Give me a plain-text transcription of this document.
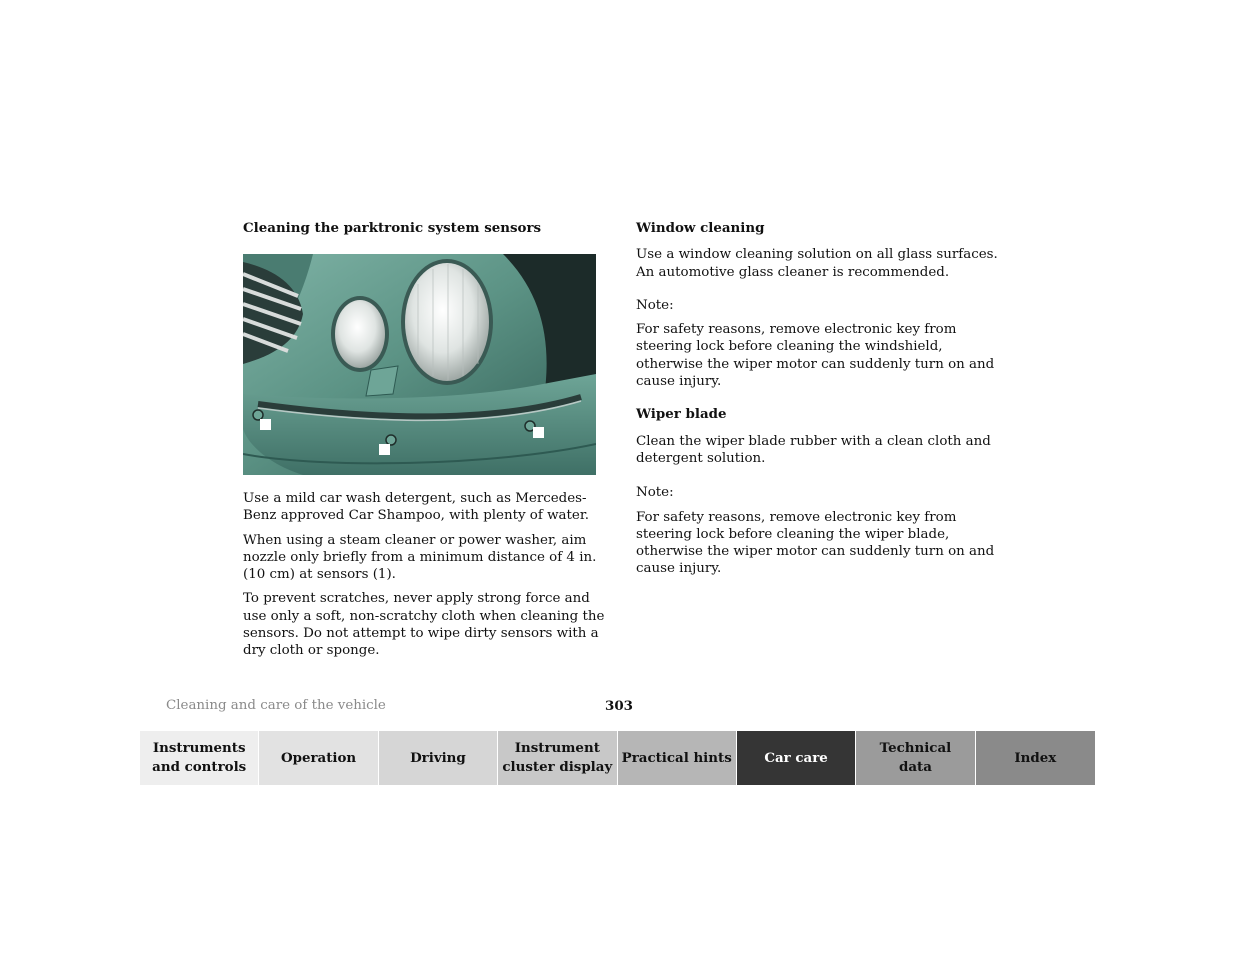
Cleaning the parktronic system sensors

Use a mild car wash detergent, such as Mercedes-Benz approved Car Shampoo, with plenty of water.

When using a steam cleaner or power washer, aim nozzle only briefly from a minimum distance of 4 in. (10 cm) at sensors (1).

To prevent scratches, never apply strong force and use only a soft, non-scratchy cloth when cleaning the sensors. Do not attempt to wipe dirty sensors with a dry cloth or sponge.

Window cleaning

Use a window cleaning solution on all glass surfaces. An automotive glass cleaner is recommended.

Note:

For safety reasons, remove electronic key from steering lock before cleaning the windshield, otherwise the wiper motor can suddenly turn on and cause injury.

Wiper blade

Clean the wiper blade rubber with a clean cloth and detergent solution.

Note:

For safety reasons, remove electronic key from steering lock before cleaning the wiper blade, otherwise the wiper motor can suddenly turn on and cause injury.

Cleaning and care of the vehicle	303
Instruments
and controls
Operation	Driving
Instrument
cluster display
Practical hints	Car care
Technical
data
Index
